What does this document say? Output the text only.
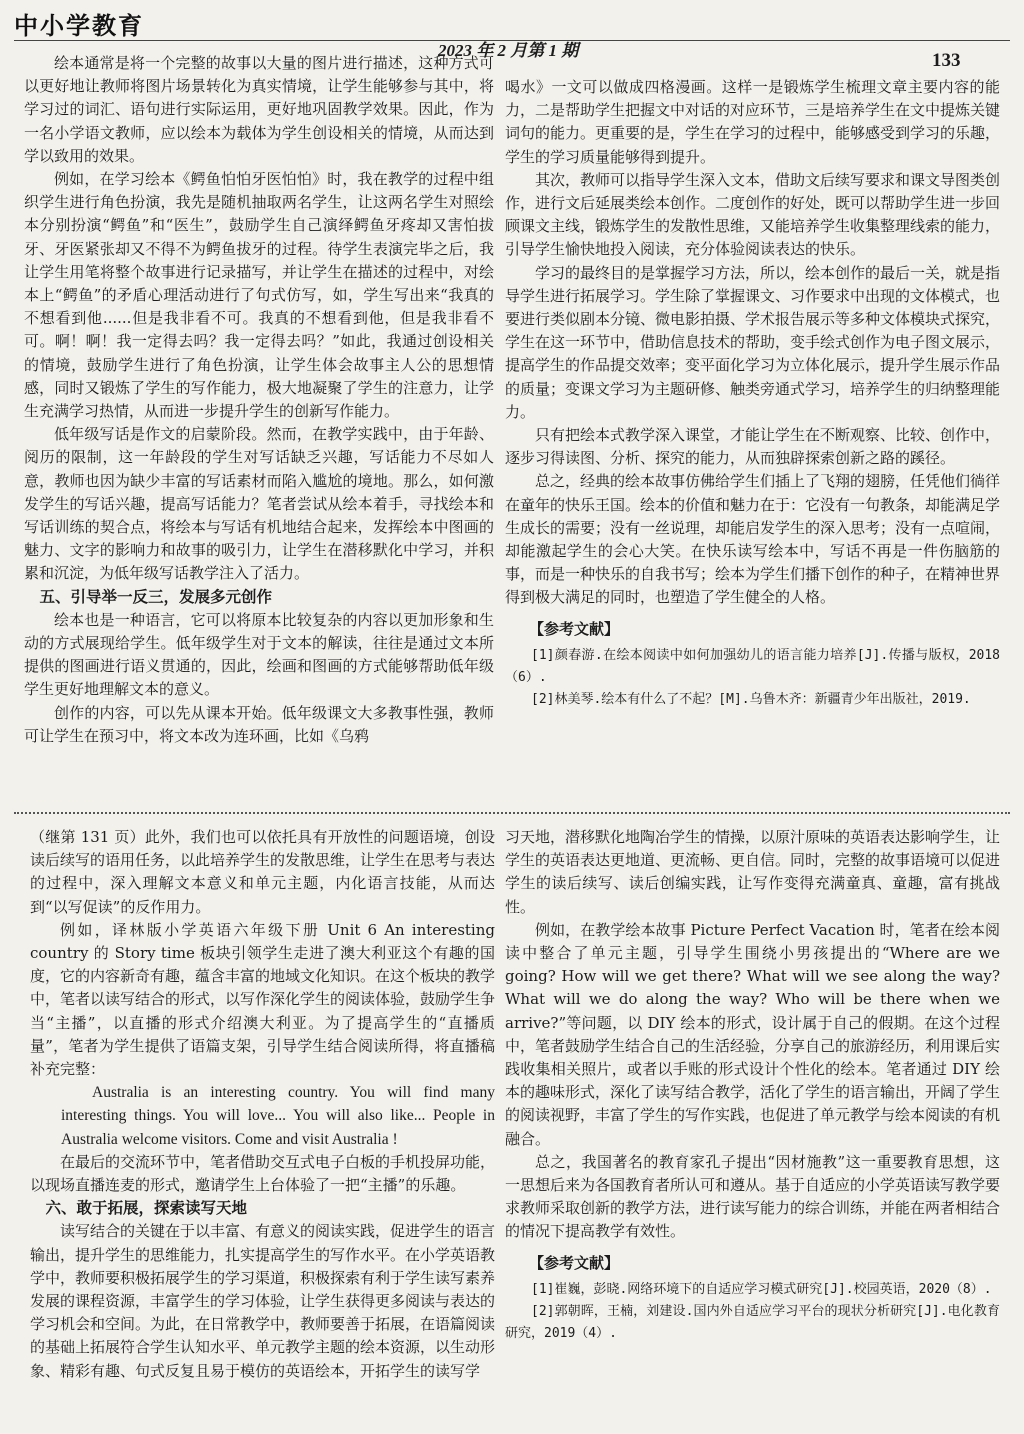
中小学教育
2023 年 2 月第 1 期	133

绘本通常是将一个完整的故事以大量的图片进行描述，这种方式可以更好地让教师将图片场景转化为真实情境，让学生能够参与其中，将学习过的词汇、语句进行实际运用，更好地巩固教学效果。因此，作为一名小学语文教师，应以绘本为载体为学生创设相关的情境，从而达到学以致用的效果。

例如，在学习绘本《鳄鱼怕怕牙医怕怕》时，我在教学的过程中组织学生进行角色扮演，我先是随机抽取两名学生，让这两名学生对照绘本分别扮演“鳄鱼”和“医生”，鼓励学生自己演绎鳄鱼牙疼却又害怕拔牙、牙医紧张却又不得不为鳄鱼拔牙的过程。待学生表演完毕之后，我让学生用笔将整个故事进行记录描写，并让学生在描述的过程中，对绘本上“鳄鱼”的矛盾心理活动进行了句式仿写，如，学生写出来“我真的不想看到他......但是我非看不可。我真的不想看到他，但是我非看不可。啊！啊！我一定得去吗？我一定得去吗？”如此，我通过创设相关的情境，鼓励学生进行了角色扮演，让学生体会故事主人公的思想情感，同时又锻炼了学生的写作能力，极大地凝聚了学生的注意力，让学生充满学习热情，从而进一步提升学生的创新写作能力。

低年级写话是作文的启蒙阶段。然而，在教学实践中，由于年龄、阅历的限制，这一年龄段的学生对写话缺乏兴趣，写话能力不尽如人意，教师也因为缺少丰富的写话素材而陷入尴尬的境地。那么，如何激发学生的写话兴趣，提高写话能力？笔者尝试从绘本着手，寻找绘本和写话训练的契合点，将绘本与写话有机地结合起来，发挥绘本中图画的魅力、文字的影响力和故事的吸引力，让学生在潜移默化中学习，并积累和沉淀，为低年级写话教学注入了活力。

五、引导举一反三，发展多元创作

绘本也是一种语言，它可以将原本比较复杂的内容以更加形象和生动的方式展现给学生。低年级学生对于文本的解读，往往是通过文本所提供的图画进行语义贯通的，因此，绘画和图画的方式能够帮助低年级学生更好地理解文本的意义。

创作的内容，可以先从课本开始。低年级课文大多教事性强，教师可让学生在预习中，将文本改为连环画，比如《乌鸦

喝水》一文可以做成四格漫画。这样一是锻炼学生梳理文章主要内容的能力，二是帮助学生把握文中对话的对应环节，三是培养学生在文中提炼关键词句的能力。更重要的是，学生在学习的过程中，能够感受到学习的乐趣，学生的学习质量能够得到提升。

其次，教师可以指导学生深入文本，借助文后续写要求和课文导图类创作，进行文后延展类绘本创作。二度创作的好处，既可以帮助学生进一步回顾课文主线，锻炼学生的发散性思维，又能培养学生收集整理线索的能力，引导学生愉快地投入阅读，充分体验阅读表达的快乐。

学习的最终目的是掌握学习方法，所以，绘本创作的最后一关，就是指导学生进行拓展学习。学生除了掌握课文、习作要求中出现的文体模式，也要进行类似剧本分镜、微电影拍摄、学术报告展示等多种文体模块式探究，学生在这一环节中，借助信息技术的帮助，变手绘式创作为电子图文展示，提高学生的作品提交效率；变平面化学习为立体化展示，提升学生展示作品的质量；变课文学习为主题研修、触类旁通式学习，培养学生的归纳整理能力。

只有把绘本式教学深入课堂，才能让学生在不断观察、比较、创作中，逐步习得读图、分析、探究的能力，从而独辟探索创新之路的蹊径。

总之，经典的绘本故事仿佛给学生们插上了飞翔的翅膀，任凭他们徜徉在童年的快乐王国。绘本的价值和魅力在于：它没有一句教条，却能满足学生成长的需要；没有一丝说理，却能启发学生的深入思考；没有一点喧闹，却能激起学生的会心大笑。在快乐读写绘本中，写话不再是一件伤脑筋的事，而是一种快乐的自我书写；绘本为学生们播下创作的种子，在精神世界得到极大满足的同时，也塑造了学生健全的人格。

【参考文献】

[1]颜春游.在绘本阅读中如何加强幼儿的语言能力培养[J].传播与版权，2018（6）.

[2]林美琴.绘本有什么了不起？[M].乌鲁木齐：新疆青少年出版社，2019.

（继第 131 页）此外，我们也可以依托具有开放性的问题语境，创设读后续写的语用任务，以此培养学生的发散思维，让学生在思考与表达的过程中，深入理解文本意义和单元主题，内化语言技能，从而达到“以写促读”的反作用力。

例如，译林版小学英语六年级下册 Unit 6 An interesting country 的 Story time 板块引领学生走进了澳大利亚这个有趣的国度，它的内容新奇有趣，蕴含丰富的地域文化知识。在这个板块的教学中，笔者以读写结合的形式，以写作深化学生的阅读体验，鼓励学生争当“主播”，以直播的形式介绍澳大利亚。为了提高学生的“直播质量”，笔者为学生提供了语篇支架，引导学生结合阅读所得，将直播稿补充完整：

Australia is an interesting country. You will find many interesting things. You will love... You will also like... People in Australia welcome visitors. Come and visit Australia !

在最后的交流环节中，笔者借助交互式电子白板的手机投屏功能，以现场直播连麦的形式，邀请学生上台体验了一把“主播”的乐趣。

六、敢于拓展，探索读写天地

读写结合的关键在于以丰富、有意义的阅读实践，促进学生的语言输出，提升学生的思维能力，扎实提高学生的写作水平。在小学英语教学中，教师要积极拓展学生的学习渠道，积极探索有利于学生读写素养发展的课程资源，丰富学生的学习体验，让学生获得更多阅读与表达的学习机会和空间。为此，在日常教学中，教师要善于拓展，在语篇阅读的基础上拓展符合学生认知水平、单元教学主题的绘本资源，以生动形象、精彩有趣、句式反复且易于模仿的英语绘本，开拓学生的读写学

习天地，潜移默化地陶冶学生的情操，以原汁原味的英语表达影响学生，让学生的英语表达更地道、更流畅、更自信。同时，完整的故事语境可以促进学生的读后续写、读后创编实践，让写作变得充满童真、童趣，富有挑战性。

例如，在教学绘本故事 Picture Perfect Vacation 时，笔者在绘本阅读中整合了单元主题，引导学生围绕小男孩提出的“Where are we going? How will we get there? What will we see along the way? What will we do along the way? Who will be there when we arrive?”等问题，以 DIY 绘本的形式，设计属于自己的假期。在这个过程中，笔者鼓励学生结合自己的生活经验，分享自己的旅游经历，利用课后实践收集相关照片，或者以手账的形式设计个性化的绘本。笔者通过 DIY 绘本的趣味形式，深化了读写结合教学，活化了学生的语言输出，开阔了学生的阅读视野，丰富了学生的写作实践，也促进了单元教学与绘本阅读的有机融合。

总之，我国著名的教育家孔子提出“因材施教”这一重要教育思想，这一思想后来为各国教育者所认可和遵从。基于自适应的小学英语读写教学要求教师采取创新的教学方法，进行读写能力的综合训练，并能在两者相结合的情况下提高教学有效性。

【参考文献】

[1]崔巍，彭晓.网络环境下的自适应学习模式研究[J].校园英语，2020（8）.

[2]郭朝晖，王楠，刘建设.国内外自适应学习平台的现状分析研究[J].电化教育研究，2019（4）.
